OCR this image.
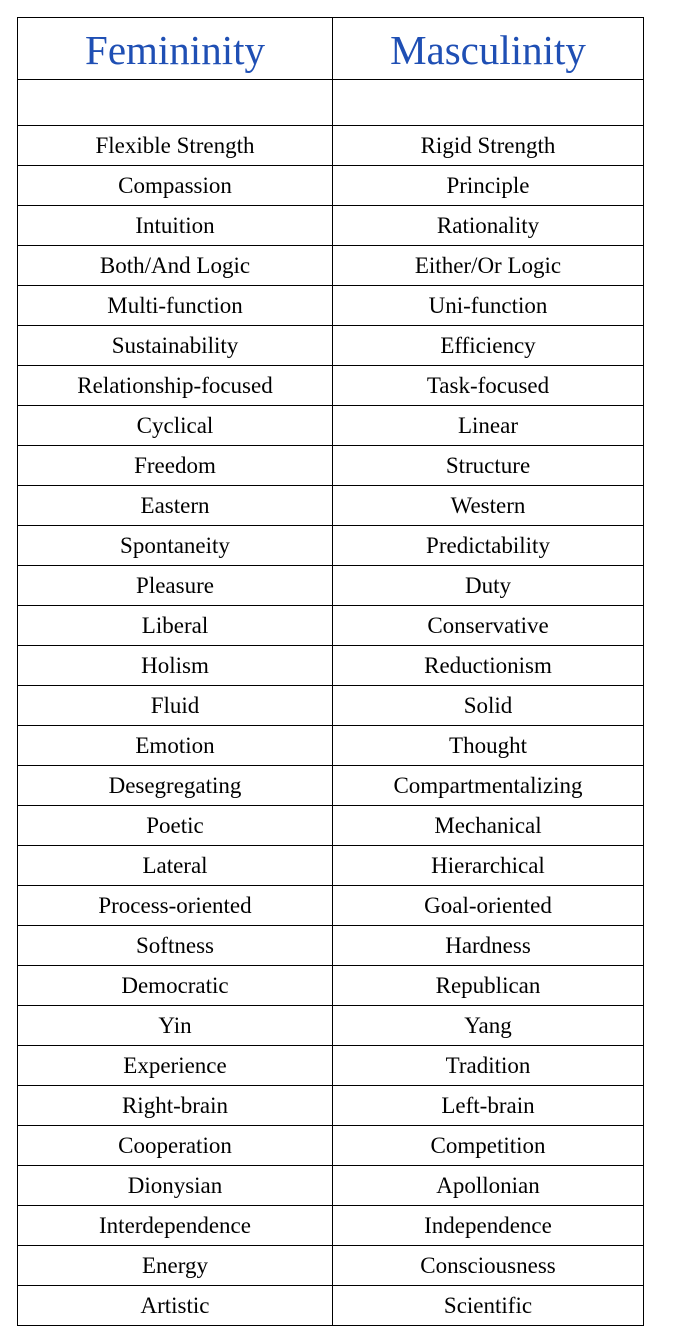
Femininity	Masculinity

Flexible Strength	Rigid Strength
Compassion	Principle
Intuition	Rationality
Both/And Logic	Either/Or Logic
Multi-function	Uni-function
Sustainability	Efficiency
Relationship-focused	Task-focused
Cyclical	Linear
Freedom	Structure
Eastern	Western
Spontaneity	Predictability
Pleasure	Duty
Liberal	Conservative
Holism	Reductionism
Fluid	Solid
Emotion	Thought
Desegregating	Compartmentalizing
Poetic	Mechanical
Lateral	Hierarchical
Process-oriented	Goal-oriented
Softness	Hardness
Democratic	Republican
Yin	Yang
Experience	Tradition
Right-brain	Left-brain
Cooperation	Competition
Dionysian	Apollonian
Interdependence	Independence
Energy	Consciousness
Artistic	Scientific
